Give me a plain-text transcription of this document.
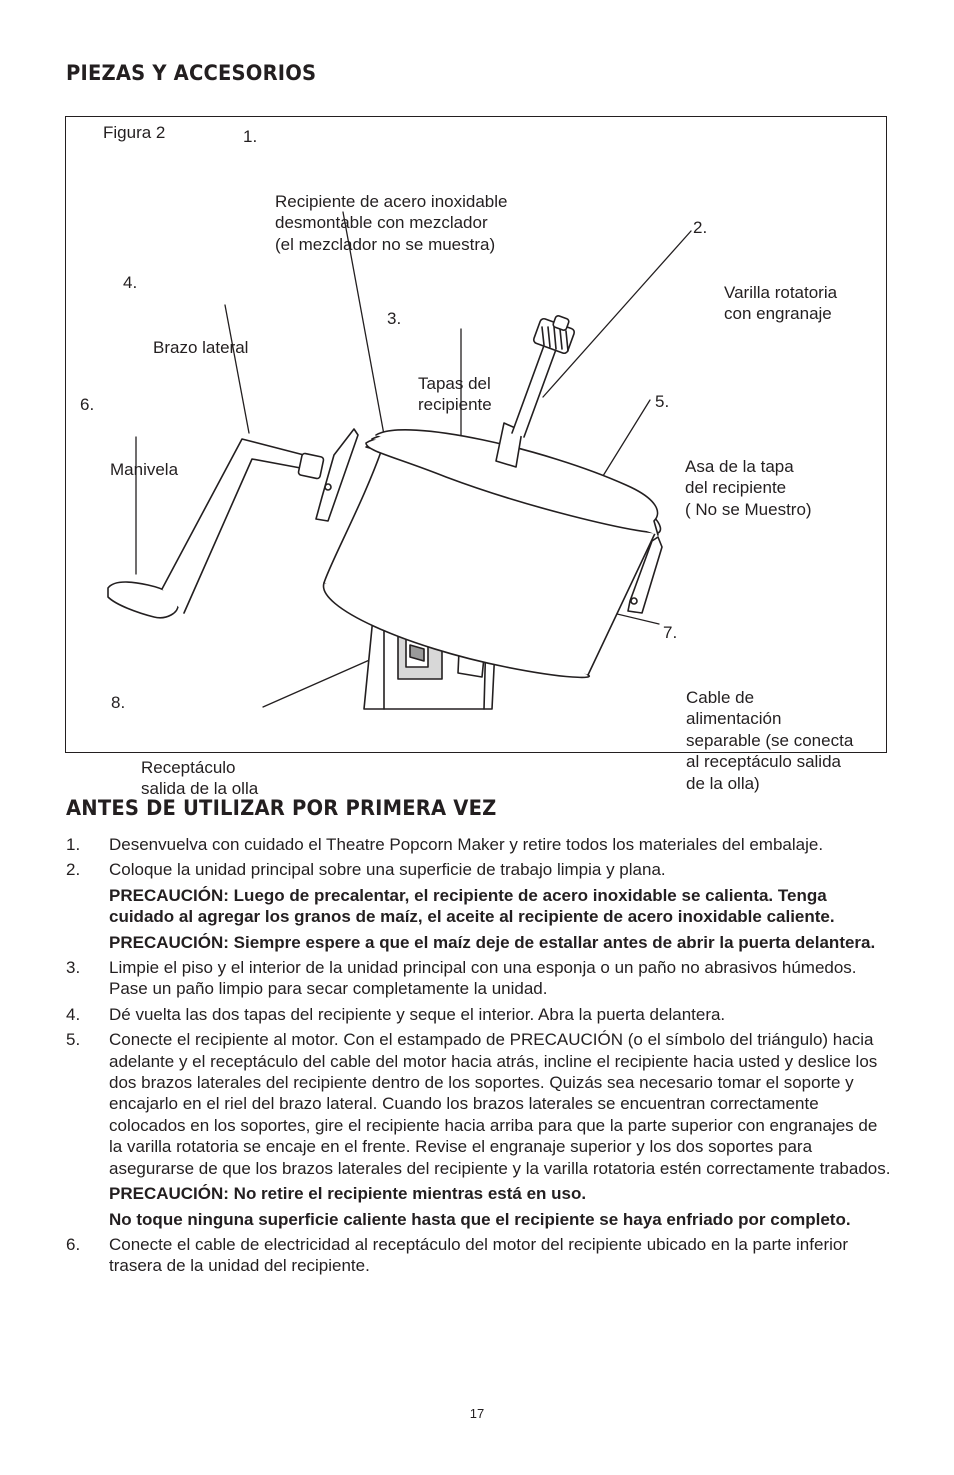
PIEZAS Y ACCESORIOS
Figura 2

	1.

Recipiente de acero inoxidable
desmontable con mezclador
(el mezclador no se muestra)

2.

Varilla rotatoria
con engranaje

3.

Tapas del
recipiente

4.

Brazo lateral

5.

Asa de la tapa
del recipiente
( No se Muestro)

6.

Manivela

7.

Cable de
alimentación
separable (se conecta
al receptáculo salida
de la olla)

8.

Receptáculo
salida de la olla

ANTES DE UTILIZAR POR PRIMERA VEZ
1. Desenvuelva con cuidado el Theatre Popcorn Maker y retire todos los materiales del embalaje.
2. Coloque la unidad principal sobre una superficie de trabajo limpia y plana.
PRECAUCIÓN: Luego de precalentar, el recipiente de acero inoxidable se calienta. Tenga cuidado al agregar los granos de maíz, el aceite al recipiente de acero inoxidable caliente.
PRECAUCIÓN: Siempre espere a que el maíz deje de estallar antes de abrir la puerta delantera.
3. Limpie el piso y el interior de la unidad principal con una esponja o un paño no abrasivos húmedos. Pase un paño limpio para secar completamente la unidad.
4. Dé vuelta las dos tapas del recipiente y seque el interior. Abra la puerta delantera.
5. Conecte el recipiente al motor. Con el estampado de PRECAUCIÓN (o el símbolo del triángulo) hacia adelante y el receptáculo del cable del motor hacia atrás, incline el recipiente hacia usted y deslice los dos brazos laterales del recipiente dentro de los soportes. Quizás sea necesario tomar el soporte y encajarlo en el riel del brazo lateral. Cuando los brazos laterales se encuentran correctamente colocados en los soportes, gire el recipiente hacia arriba para que la parte superior con engranajes de la varilla rotatoria se encaje en el frente. Revise el engranaje superior y los dos soportes para asegurarse de que los brazos laterales del recipiente y la varilla rotatoria estén correctamente trabados.
PRECAUCIÓN: No retire el recipiente mientras está en uso.
No toque ninguna superficie caliente hasta que el recipiente se haya enfriado por completo.
6. Conecte el cable de electricidad al receptáculo del motor del recipiente ubicado en la parte inferior trasera de la unidad del recipiente.
17
